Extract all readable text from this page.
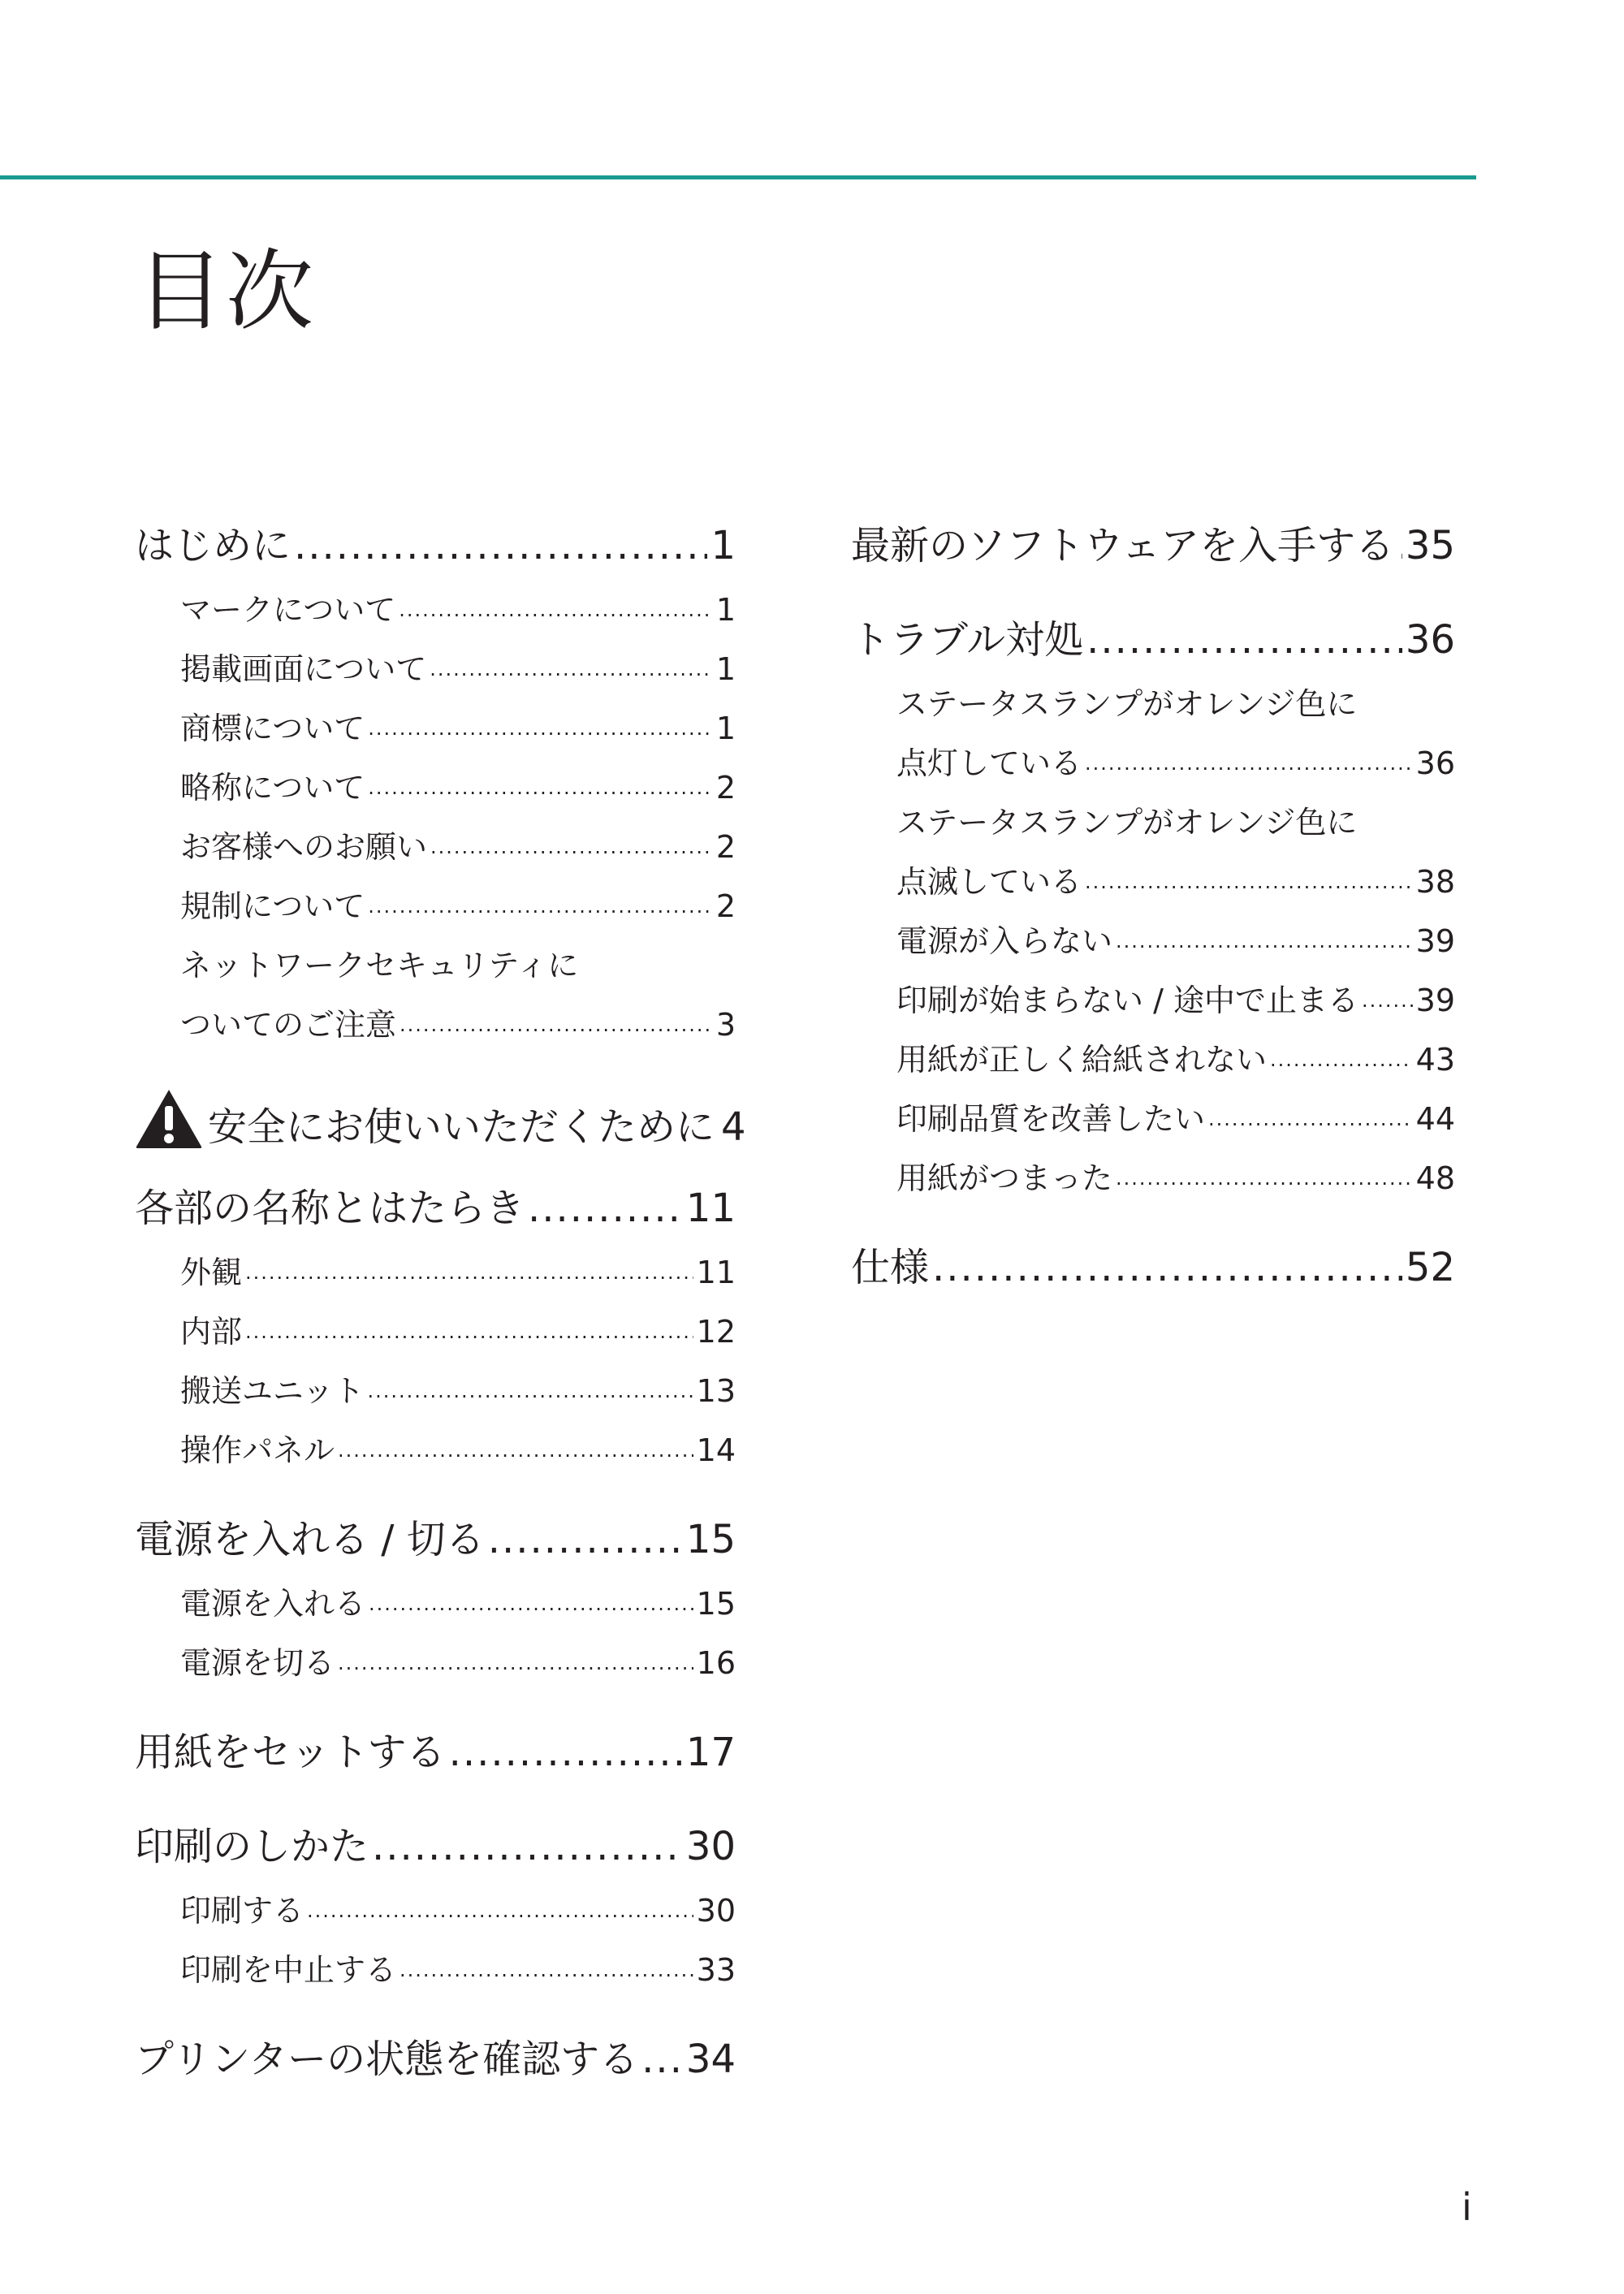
目次
はじめに .....	1
マークについて .....	1
掲載画面について .....	1
商標について .....	1
略称について .....	2
お客様へのお願い .....	2
規制について .....	2
ネットワークセキュリティに
ついてのご注意 .....	3
安全にお使いいただくために 4
各部の名称とはたらき .....	11
外観 .....	11
内部 .....	12
搬送ユニット .....	13
操作パネル .....	14
電源を入れる / 切る .....	15
電源を入れる .....	15
電源を切る .....	16
用紙をセットする .....	17
印刷のしかた .....	30
印刷する .....	30
印刷を中止する .....	33
プリンターの状態を確認する ..... 34
最新のソフトウェアを入手する ..... 35
トラブル対処 .....	36
ステータスランプがオレンジ色に
点灯している .....	36
ステータスランプがオレンジ色に
点滅している .....	38
電源が入らない .....	39
印刷が始まらない / 途中で止まる ..... 39
用紙が正しく給紙されない .....	43
印刷品質を改善したい .....	44
用紙がつまった .....	48
仕様 .....	52
i
